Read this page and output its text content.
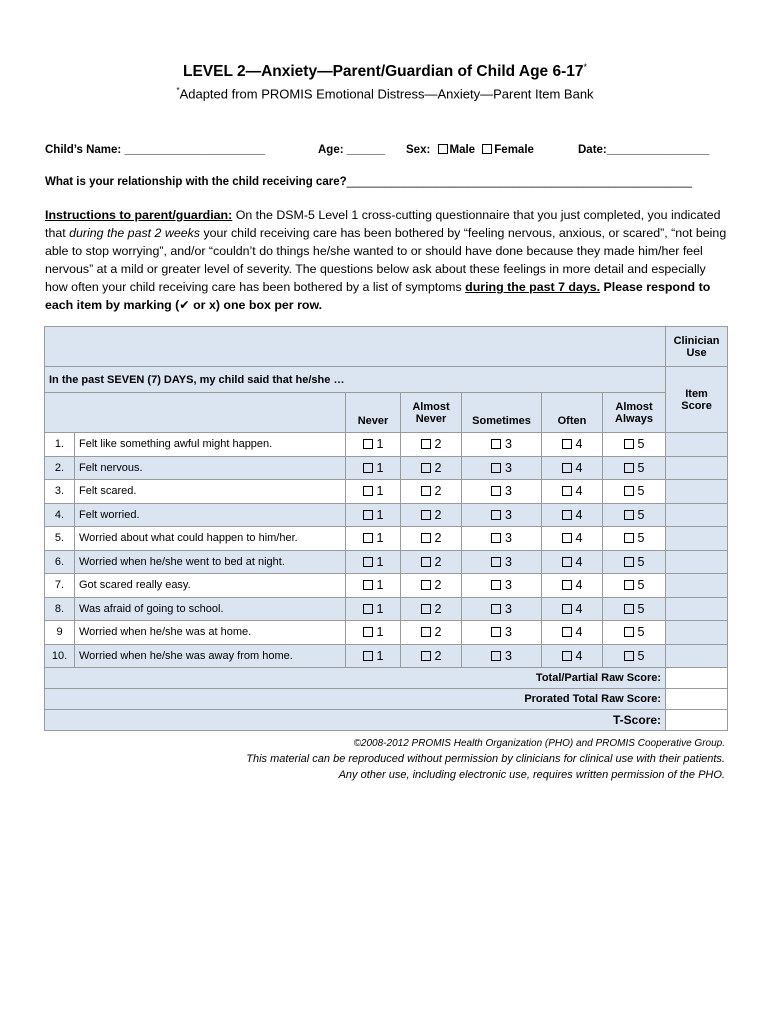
LEVEL 2—Anxiety—Parent/Guardian of Child Age 6-17*
*Adapted from PROMIS Emotional Distress—Anxiety—Parent Item Bank
Child’s Name: ______________________	Age: ______ Sex: Male Female	Date:________________
What is your relationship with the child receiving care?______________________________________________________
Instructions to parent/guardian: On the DSM-5 Level 1 cross-cutting questionnaire that you just completed, you indicated that during the past 2 weeks your child receiving care has been bothered by “feeling nervous, anxious, or scared”, “not being able to stop worrying”, and/or “couldn’t do things he/she wanted to or should have done because they made him/her feel nervous” at a mild or greater level of severity. The questions below ask about these feelings in more detail and especially how often your child receiving care has been bothered by a list of symptoms during the past 7 days. Please respond to each item by marking (✔ or x) one box per row.
							Clinician Use
In the past SEVEN (7) DAYS, my child said that he/she …							Item Score
		Never	Almost Never	Sometimes	Often	Almost Always	
1.	Felt like something awful might happen.	1	2	3	4	5	
2.	Felt nervous.	1	2	3	4	5	
3.	Felt scared.	1	2	3	4	5	
4.	Felt worried.	1	2	3	4	5	
5.	Worried about what could happen to him/her.	1	2	3	4	5	
6.	Worried when he/she went to bed at night.	1	2	3	4	5	
7.	Got scared really easy.	1	2	3	4	5	
8.	Was afraid of going to school.	1	2	3	4	5	
9	Worried when he/she was at home.	1	2	3	4	5	
10.	Worried when he/she was away from home.	1	2	3	4	5	
Total/Partial Raw Score:							
Prorated Total Raw Score:							
T-Score:							
©2008-2012 PROMIS Health Organization (PHO) and PROMIS Cooperative Group.
This material can be reproduced without permission by clinicians for clinical use with their patients.
Any other use, including electronic use, requires written permission of the PHO.
